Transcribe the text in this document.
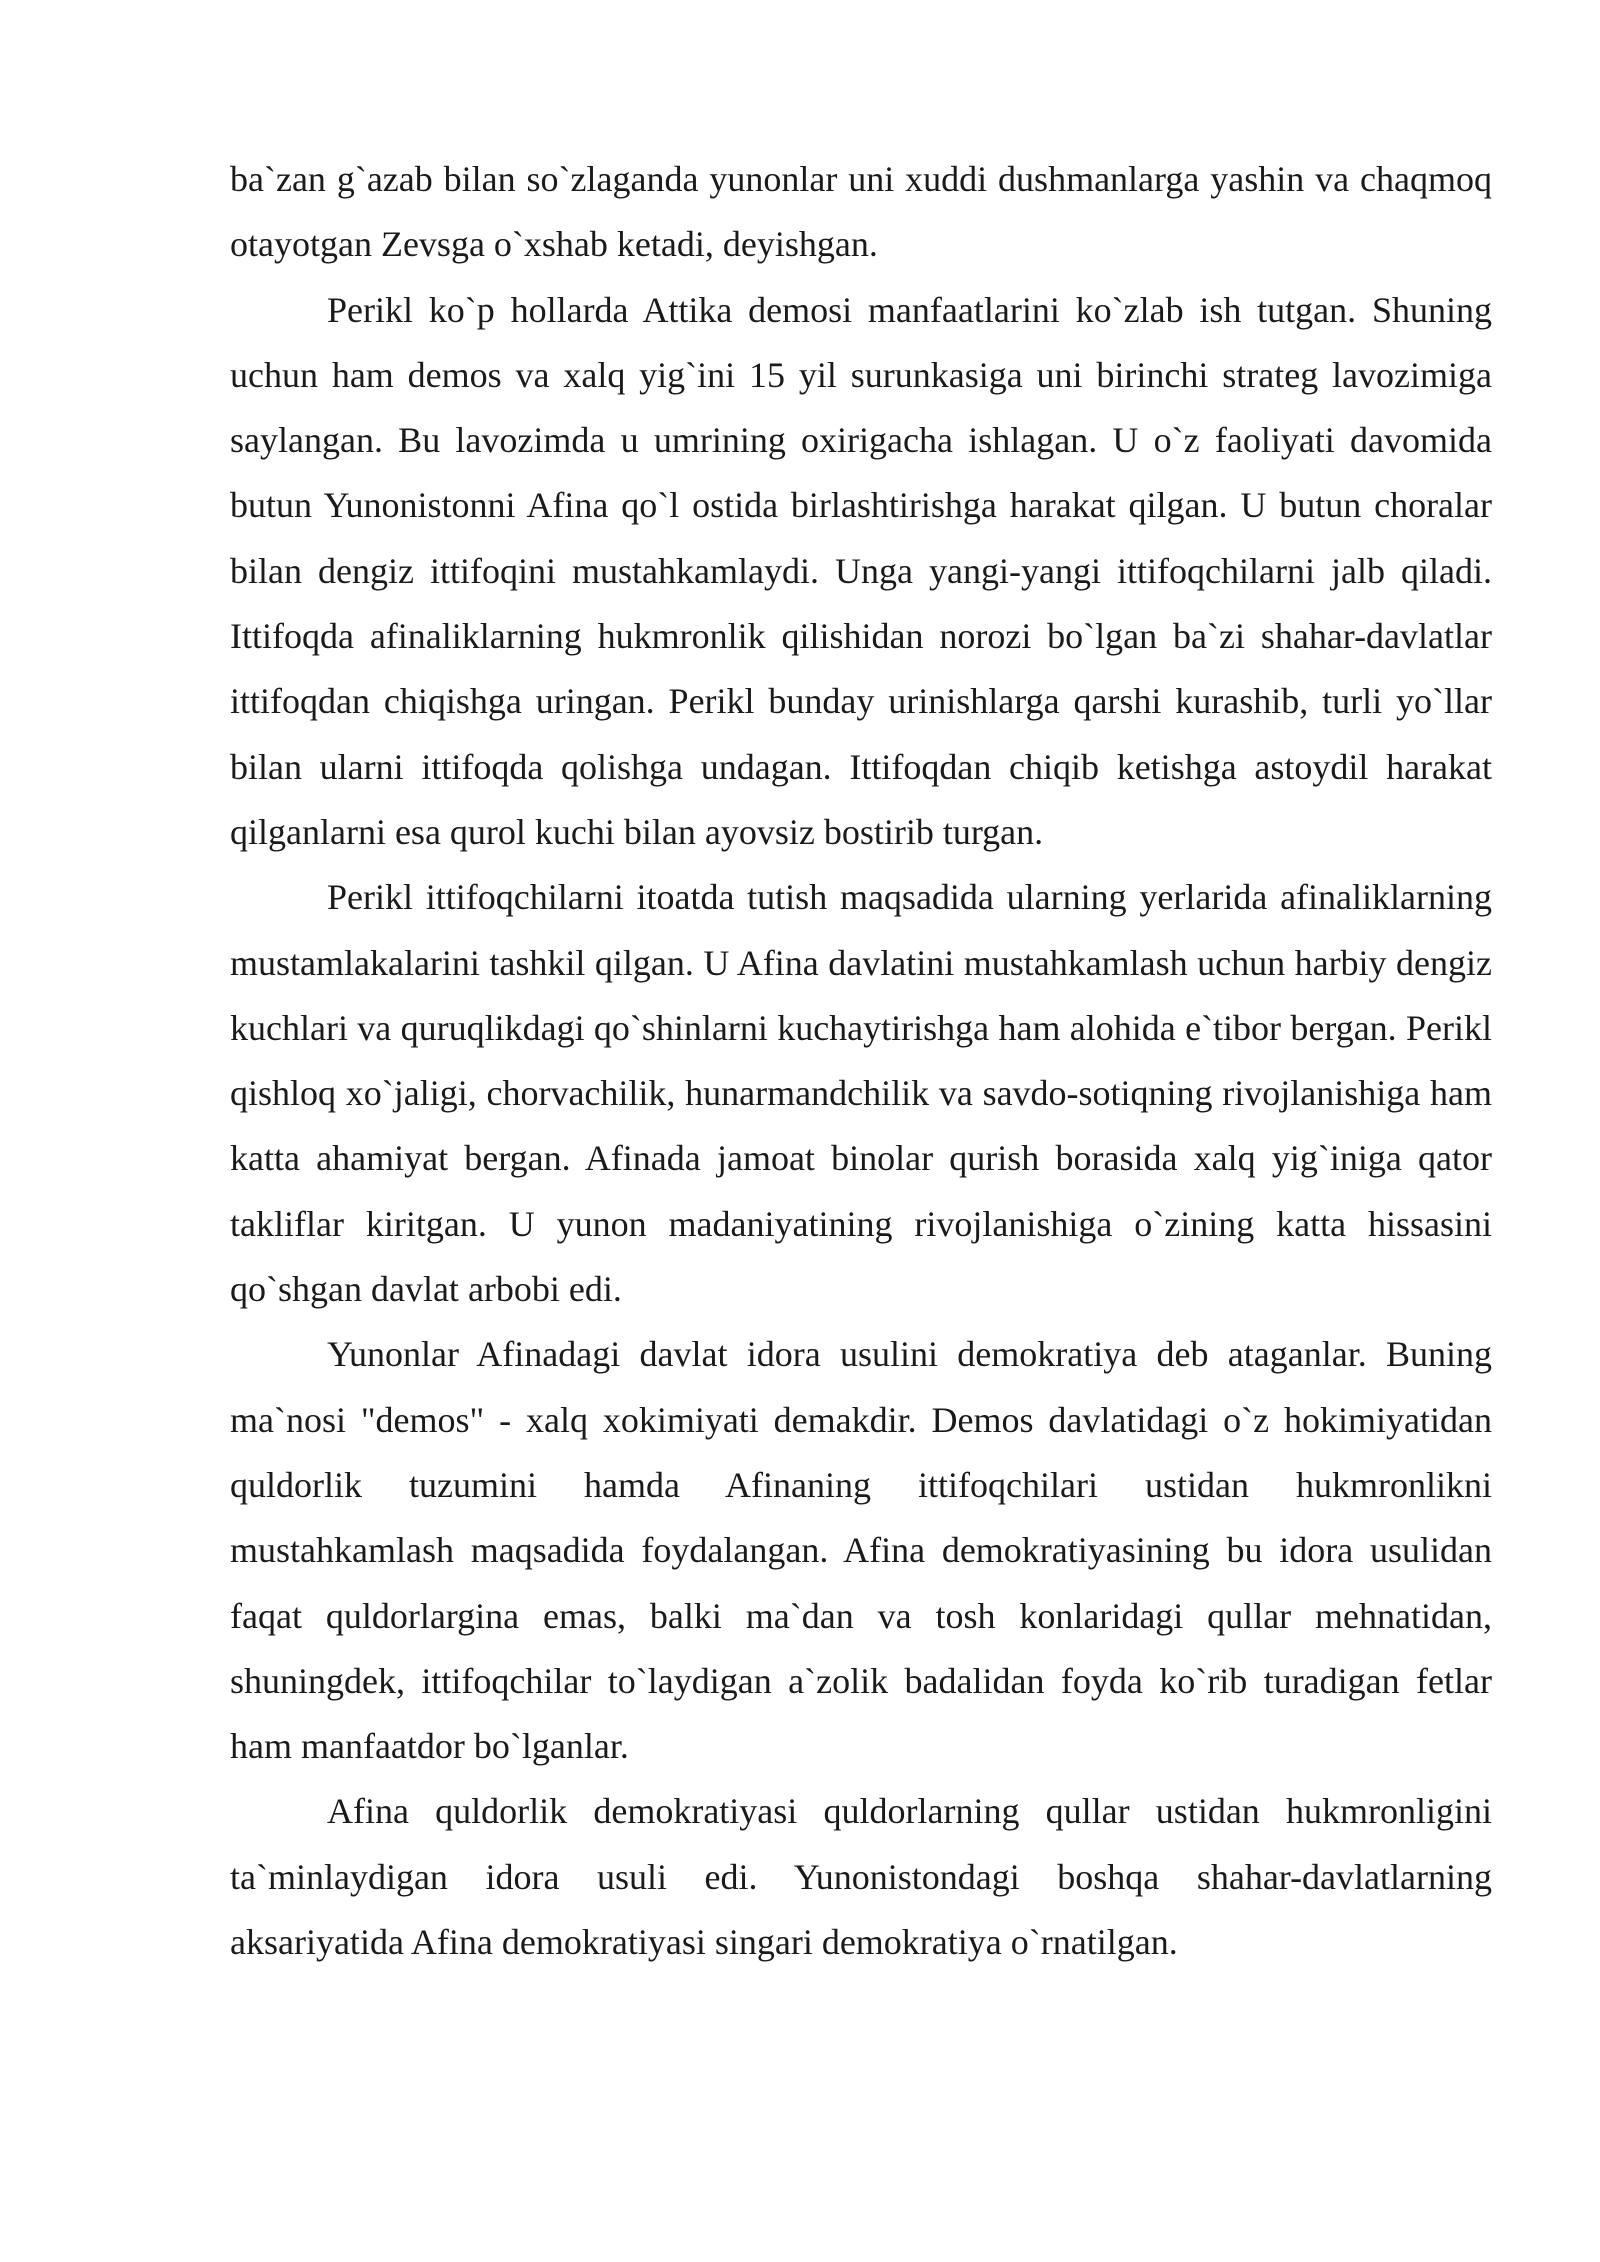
ba`zan g`azab bilan so`zlaganda yunonlar uni xuddi dushmanlarga yashin va chaqmoq otayotgan Zevsga o`xshab ketadi, deyishgan.

Perikl ko`p hollarda Attika demosi manfaatlarini ko`zlab ish tutgan. Shuning uchun ham demos va xalq yig`ini 15 yil surunkasiga uni birinchi strateg lavozimiga saylangan. Bu lavozimda u umrining oxirigacha ishlagan. U o`z faoliyati davomida butun Yunonistonni Afina qo`l ostida birlashtirishga harakat qilgan. U butun choralar bilan dengiz ittifoqini mustahkamlaydi. Unga yangi-yangi ittifoqchilarni jalb qiladi. Ittifoqda afinaliklarning hukmronlik qilishidan norozi bo`lgan ba`zi shahar-davlatlar ittifoqdan chiqishga uringan. Perikl bunday urinishlarga qarshi kurashib, turli yo`llar bilan ularni ittifoqda qolishga undagan. Ittifoqdan chiqib ketishga astoydil harakat qilganlarni esa qurol kuchi bilan ayovsiz bostirib turgan.

Perikl ittifoqchilarni itoatda tutish maqsadida ularning yerlarida afinaliklarning mustamlakalarini tashkil qilgan. U Afina davlatini mustahkamlash uchun harbiy dengiz kuchlari va quruqlikdagi qo`shinlarni kuchaytirishga ham alohida e`tibor bergan. Perikl qishloq xo`jaligi, chorvachilik, hunarmandchilik va savdo-sotiqning rivojlanishiga ham katta ahamiyat bergan. Afinada jamoat binolar qurish borasida xalq yig`iniga qator takliflar kiritgan. U yunon madaniyatining rivojlanishiga o`zining katta hissasini qo`shgan davlat arbobi edi.

Yunonlar Afinadagi davlat idora usulini demokratiya deb ataganlar. Buning ma`nosi "demos" - xalq xokimiyati demakdir. Demos davlatidagi o`z hokimiyatidan quldorlik tuzumini hamda Afinaning ittifoqchilari ustidan hukmronlikni mustahkamlash maqsadida foydalangan. Afina demokratiyasining bu idora usulidan faqat quldorlargina emas, balki ma`dan va tosh konlaridagi qullar mehnatidan, shuningdek, ittifoqchilar to`laydigan a`zolik badalidan foyda ko`rib turadigan fetlar ham manfaatdor bo`lganlar.

Afina quldorlik demokratiyasi quldorlarning qullar ustidan hukmronligini ta`minlaydigan idora usuli edi. Yunonistondagi boshqa shahar-davlatlarning aksariyatida Afina demokratiyasi singari demokratiya o`rnatilgan.
